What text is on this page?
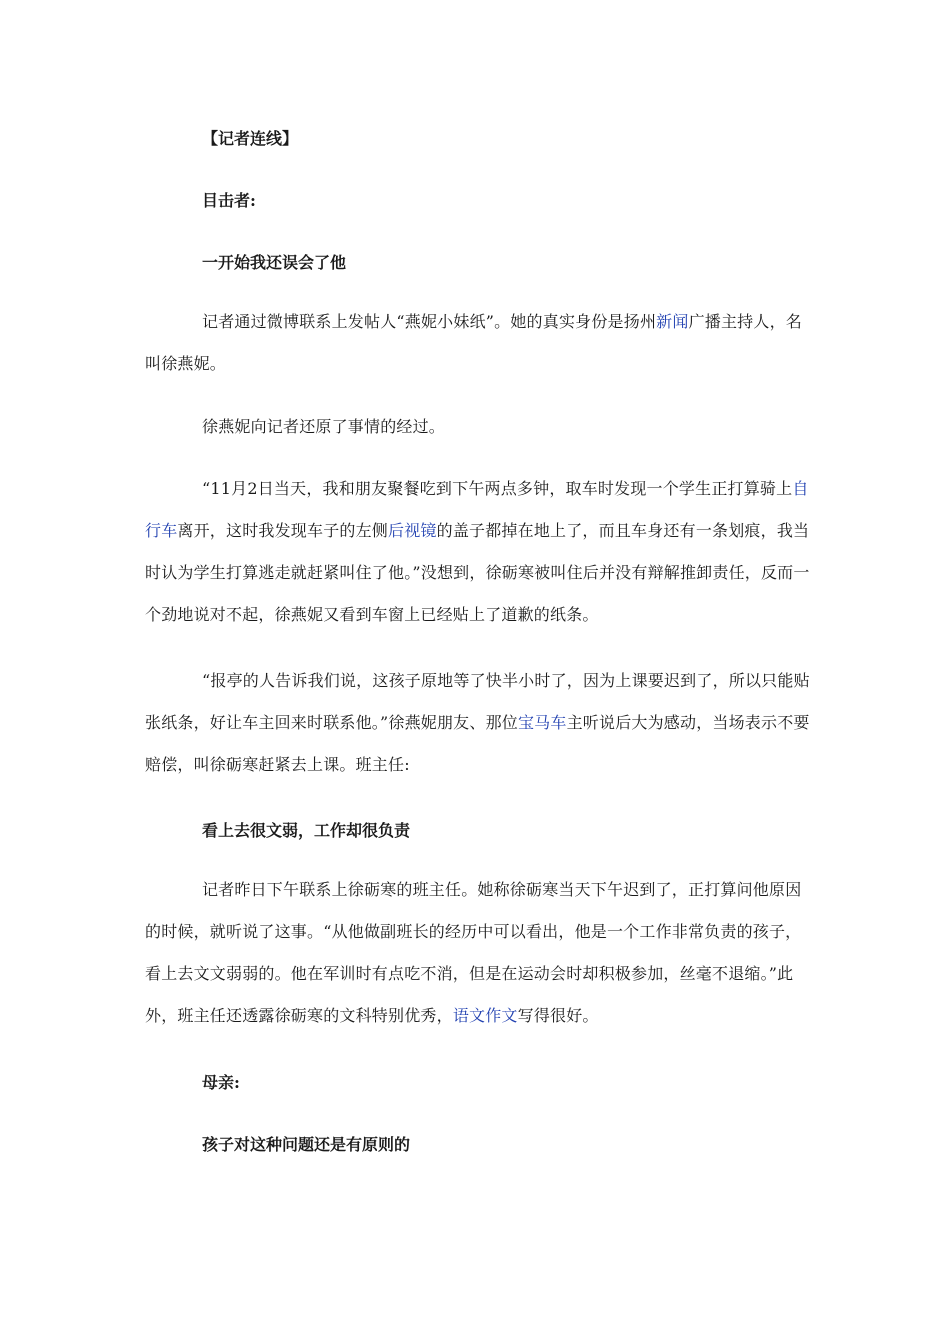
【记者连线】
目击者:
一开始我还误会了他
记者通过微博联系上发帖人“燕妮小妹纸”。她的真实身份是扬州新闻广播主持人，名叫徐燕妮。
徐燕妮向记者还原了事情的经过。
“11月2日当天，我和朋友聚餐吃到下午两点多钟，取车时发现一个学生正打算骑上自行车离开，这时我发现车子的左侧后视镜的盖子都掉在地上了，而且车身还有一条划痕，我当时认为学生打算逃走就赶紧叫住了他。”没想到，徐砺寒被叫住后并没有辩解推卸责任，反而一个劲地说对不起，徐燕妮又看到车窗上已经贴上了道歉的纸条。
“报亭的人告诉我们说，这孩子原地等了快半小时了，因为上课要迟到了，所以只能贴张纸条，好让车主回来时联系他。”徐燕妮朋友、那位宝马车主听说后大为感动，当场表示不要赔偿，叫徐砺寒赶紧去上课。班主任:
看上去很文弱，工作却很负责
记者昨日下午联系上徐砺寒的班主任。她称徐砺寒当天下午迟到了，正打算问他原因的时候，就听说了这事。“从他做副班长的经历中可以看出，他是一个工作非常负责的孩子，看上去文文弱弱的。他在军训时有点吃不消，但是在运动会时却积极参加，丝毫不退缩。”此外，班主任还透露徐砺寒的文科特别优秀，语文作文写得很好。
母亲:
孩子对这种问题还是有原则的
